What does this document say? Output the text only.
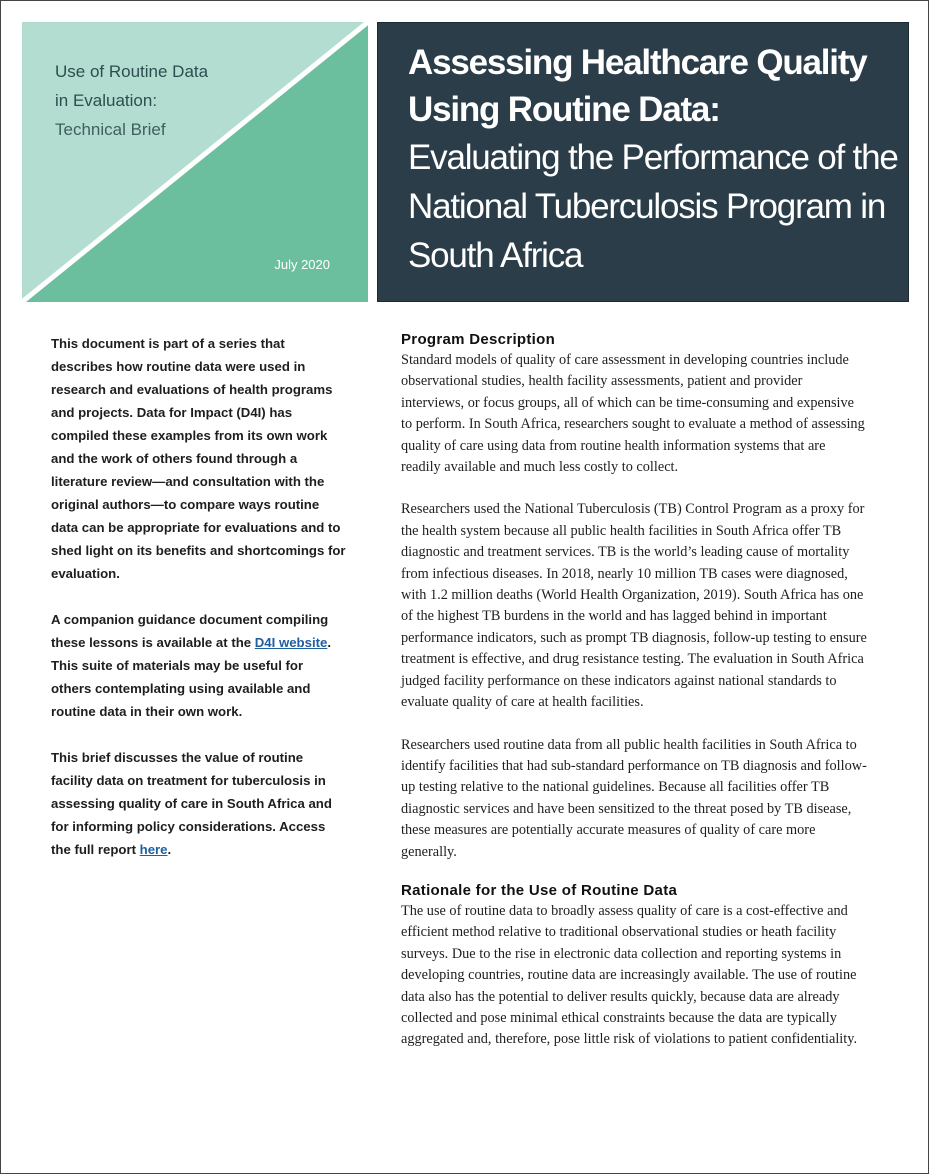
Use of Routine Data
in Evaluation:
Technical Brief
July 2020
Assessing Healthcare Quality
Using Routine Data:
Evaluating the Performance of the
National Tuberculosis Program in
South Africa

This document is part of a series that describes how routine data were used in research and evaluations of health programs and projects. Data for Impact (D4I) has compiled these examples from its own work and the work of others found through a literature review—and consultation with the original authors—to compare ways routine data can be appropriate for evaluations and to shed light on its benefits and shortcomings for evaluation.

A companion guidance document compiling these lessons is available at the D4I website. This suite of materials may be useful for others contemplating using available and routine data in their own work.

This brief discusses the value of routine facility data on treatment for tuberculosis in assessing quality of care in South Africa and for informing policy considerations. Access the full report here.

Program Description

Standard models of quality of care assessment in developing countries include observational studies, health facility assessments, patient and provider interviews, or focus groups, all of which can be time-consuming and expensive to perform. In South Africa, researchers sought to evaluate a method of assessing quality of care using data from routine health information systems that are readily available and much less costly to collect.

Researchers used the National Tuberculosis (TB) Control Program as a proxy for the health system because all public health facilities in South Africa offer TB diagnostic and treatment services. TB is the world’s leading cause of mortality from infectious diseases. In 2018, nearly 10 million TB cases were diagnosed, with 1.2 million deaths (World Health Organization, 2019). South Africa has one of the highest TB burdens in the world and has lagged behind in important performance indicators, such as prompt TB diagnosis, follow-up testing to ensure treatment is effective, and drug resistance testing. The evaluation in South Africa judged facility performance on these indicators against national standards to evaluate quality of care at health facilities.

Researchers used routine data from all public health facilities in South Africa to identify facilities that had sub-standard performance on TB diagnosis and follow-up testing relative to the national guidelines. Because all facilities offer TB diagnostic services and have been sensitized to the threat posed by TB disease, these measures are potentially accurate measures of quality of care more generally.

Rationale for the Use of Routine Data

The use of routine data to broadly assess quality of care is a cost-effective and efficient method relative to traditional observational studies or heath facility surveys. Due to the rise in electronic data collection and reporting systems in developing countries, routine data are increasingly available. The use of routine data also has the potential to deliver results quickly, because data are already collected and pose minimal ethical constraints because the data are typically aggregated and, therefore, pose little risk of violations to patient confidentiality.
